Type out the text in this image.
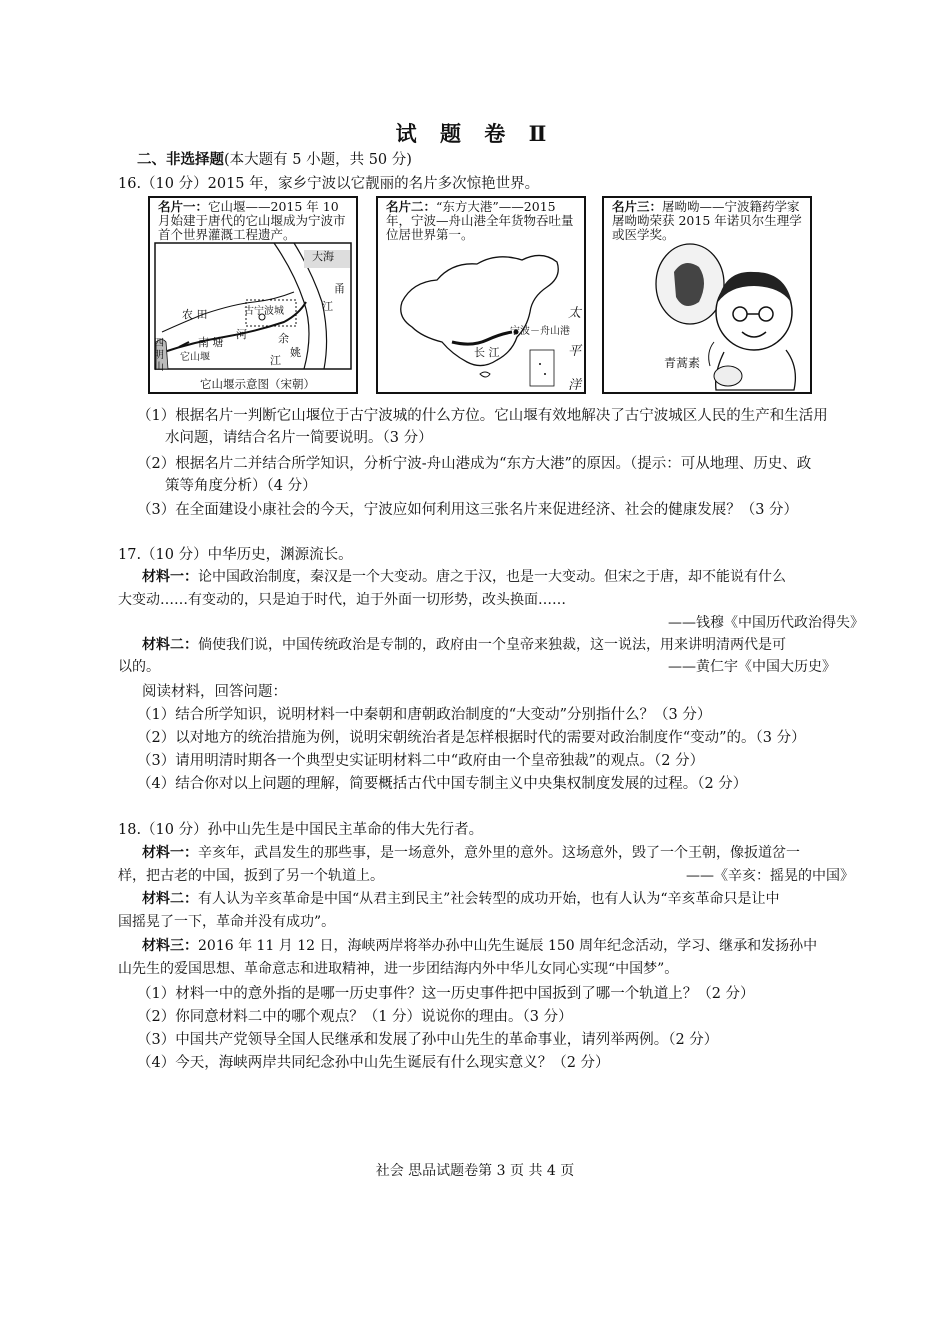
试 题 卷 Ⅱ
二、非选择题(本大题有 5 小题，共 50 分)
16.（10 分）2015 年，家乡宁波以它靓丽的名片多次惊艳世界。
名片一：它山堰——2015 年 10 月始建于唐代的它山堰成为宁波市首个世界灌溉工程遗产。
大海
甬
江
农 田	古宁波城
南 塘
河	余
四明山
它山堰	江
姚
它山堰示意图（宋朝）
名片二：“东方大港”——2015 年，宁波—舟山港全年货物吞吐量位居世界第一。
宁波－舟山港
长 江
太
平
洋
名片三：屠呦呦——宁波籍药学家屠呦呦荣获 2015 年诺贝尔生理学或医学奖。
青蒿素
（1）根据名片一判断它山堰位于古宁波城的什么方位。它山堰有效地解决了古宁波城区人民的生产和生活用
水问题，请结合名片一简要说明。（3 分）
（2）根据名片二并结合所学知识，分析宁波-舟山港成为“东方大港”的原因。（提示：可从地理、历史、政
策等角度分析）（4 分）
（3）在全面建设小康社会的今天，宁波应如何利用这三张名片来促进经济、社会的健康发展？（3 分）
17.（10 分）中华历史，渊源流长。
材料一：论中国政治制度，秦汉是一个大变动。唐之于汉，也是一大变动。但宋之于唐，却不能说有什么
大变动……有变动的，只是迫于时代，迫于外面一切形势，改头换面……
——钱穆《中国历代政治得失》
材料二：倘使我们说，中国传统政治是专制的，政府由一个皇帝来独裁，这一说法，用来讲明清两代是可
以的。	——黄仁宇《中国大历史》
阅读材料，回答问题：
（1）结合所学知识，说明材料一中秦朝和唐朝政治制度的“大变动”分别指什么？（3 分）
（2）以对地方的统治措施为例，说明宋朝统治者是怎样根据时代的需要对政治制度作“变动”的。（3 分）
（3）请用明清时期各一个典型史实证明材料二中“政府由一个皇帝独裁”的观点。（2 分）
（4）结合你对以上问题的理解，简要概括古代中国专制主义中央集权制度发展的过程。（2 分）
18.（10 分）孙中山先生是中国民主革命的伟大先行者。
材料一：辛亥年，武昌发生的那些事，是一场意外，意外里的意外。这场意外，毁了一个王朝，像扳道岔一
样，把古老的中国，扳到了另一个轨道上。	——《辛亥：摇晃的中国》
材料二：有人认为辛亥革命是中国“从君主到民主”社会转型的成功开始，也有人认为“辛亥革命只是让中
国摇晃了一下，革命并没有成功”。
材料三：2016 年 11 月 12 日，海峡两岸将举办孙中山先生诞辰 150 周年纪念活动，学习、继承和发扬孙中
山先生的爱国思想、革命意志和进取精神，进一步团结海内外中华儿女同心实现“中国梦”。
（1）材料一中的意外指的是哪一历史事件？这一历史事件把中国扳到了哪一个轨道上？（2 分）
（2）你同意材料二中的哪个观点？（1 分）说说你的理由。（3 分）
（3）中国共产党领导全国人民继承和发展了孙中山先生的革命事业，请列举两例。（2 分）
（4）今天，海峡两岸共同纪念孙中山先生诞辰有什么现实意义？（2 分）
社会 思品试题卷第 3 页 共 4 页
